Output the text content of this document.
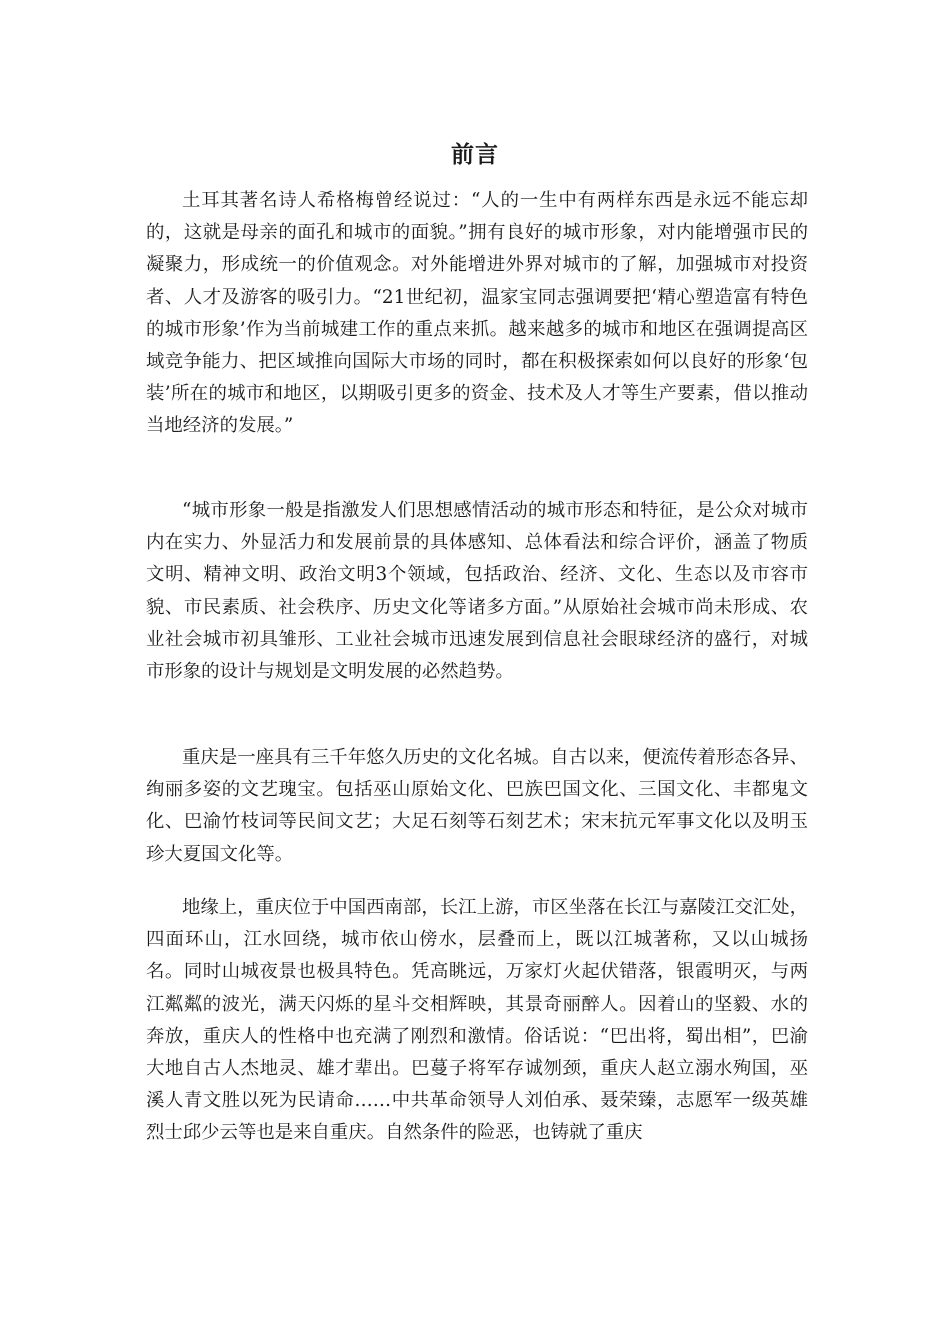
前言

土耳其著名诗人希格梅曾经说过：“人的一生中有两样东西是永远不能忘却的，这就是母亲的面孔和城市的面貌。”拥有良好的城市形象，对内能增强市民的凝聚力，形成统一的价值观念。对外能增进外界对城市的了解，加强城市对投资者、人才及游客的吸引力。“21世纪初，温家宝同志强调要把‘精心塑造富有特色的城市形象’作为当前城建工作的重点来抓。越来越多的城市和地区在强调提高区域竞争能力、把区域推向国际大市场的同时，都在积极探索如何以良好的形象‘包装’所在的城市和地区，以期吸引更多的资金、技术及人才等生产要素，借以推动当地经济的发展。”

“城市形象一般是指激发人们思想感情活动的城市形态和特征，是公众对城市内在实力、外显活力和发展前景的具体感知、总体看法和综合评价，涵盖了物质文明、精神文明、政治文明3个领域，包括政治、经济、文化、生态以及市容市貌、市民素质、社会秩序、历史文化等诸多方面。”从原始社会城市尚未形成、农业社会城市初具雏形、工业社会城市迅速发展到信息社会眼球经济的盛行，对城市形象的设计与规划是文明发展的必然趋势。

重庆是一座具有三千年悠久历史的文化名城。自古以来，便流传着形态各异、绚丽多姿的文艺瑰宝。包括巫山原始文化、巴族巴国文化、三国文化、丰都鬼文化、巴渝竹枝词等民间文艺；大足石刻等石刻艺术；宋末抗元军事文化以及明玉珍大夏国文化等。

地缘上，重庆位于中国西南部，长江上游，市区坐落在长江与嘉陵江交汇处，四面环山，江水回绕，城市依山傍水，层叠而上，既以江城著称，又以山城扬名。同时山城夜景也极具特色。凭高眺远，万家灯火起伏错落，银霞明灭，与两江粼粼的波光，满天闪烁的星斗交相辉映，其景奇丽醉人。因着山的坚毅、水的奔放，重庆人的性格中也充满了刚烈和激情。俗话说：“巴出将，蜀出相”，巴渝大地自古人杰地灵、雄才辈出。巴蔓子将军存诚刎颈，重庆人赵立溺水殉国，巫溪人青文胜以死为民请命……中共革命领导人刘伯承、聂荣臻，志愿军一级英雄烈士邱少云等也是来自重庆。自然条件的险恶，也铸就了重庆
